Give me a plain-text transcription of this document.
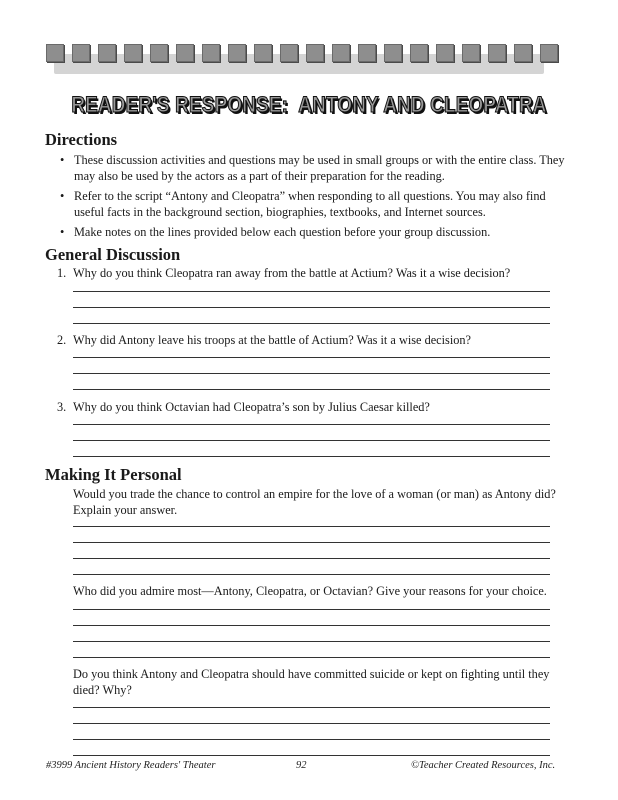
READER'S RESPONSE:  ANTONY AND CLEOPATRA
Directions
• These discussion activities and questions may be used in small groups or with the entire class. They may also be used by the actors as a part of their preparation for the reading.
• Refer to the script “Antony and Cleopatra” when responding to all questions. You may also find useful facts in the background section, biographies, textbooks, and Internet sources.
• Make notes on the lines provided below each question before your group discussion.
General Discussion
1. Why do you think Cleopatra ran away from the battle at Actium? Was it a wise decision?
2. Why did Antony leave his troops at the battle of Actium? Was it a wise decision?
3. Why do you think Octavian had Cleopatra’s son by Julius Caesar killed?
Making It Personal
Would you trade the chance to control an empire for the love of a woman (or man) as Antony did? Explain your answer.
Who did you admire most—Antony, Cleopatra, or Octavian? Give your reasons for your choice.
Do you think Antony and Cleopatra should have committed suicide or kept on fighting until they died? Why?
#3999 Ancient History Readers' Theater	92	©Teacher Created Resources, Inc.
